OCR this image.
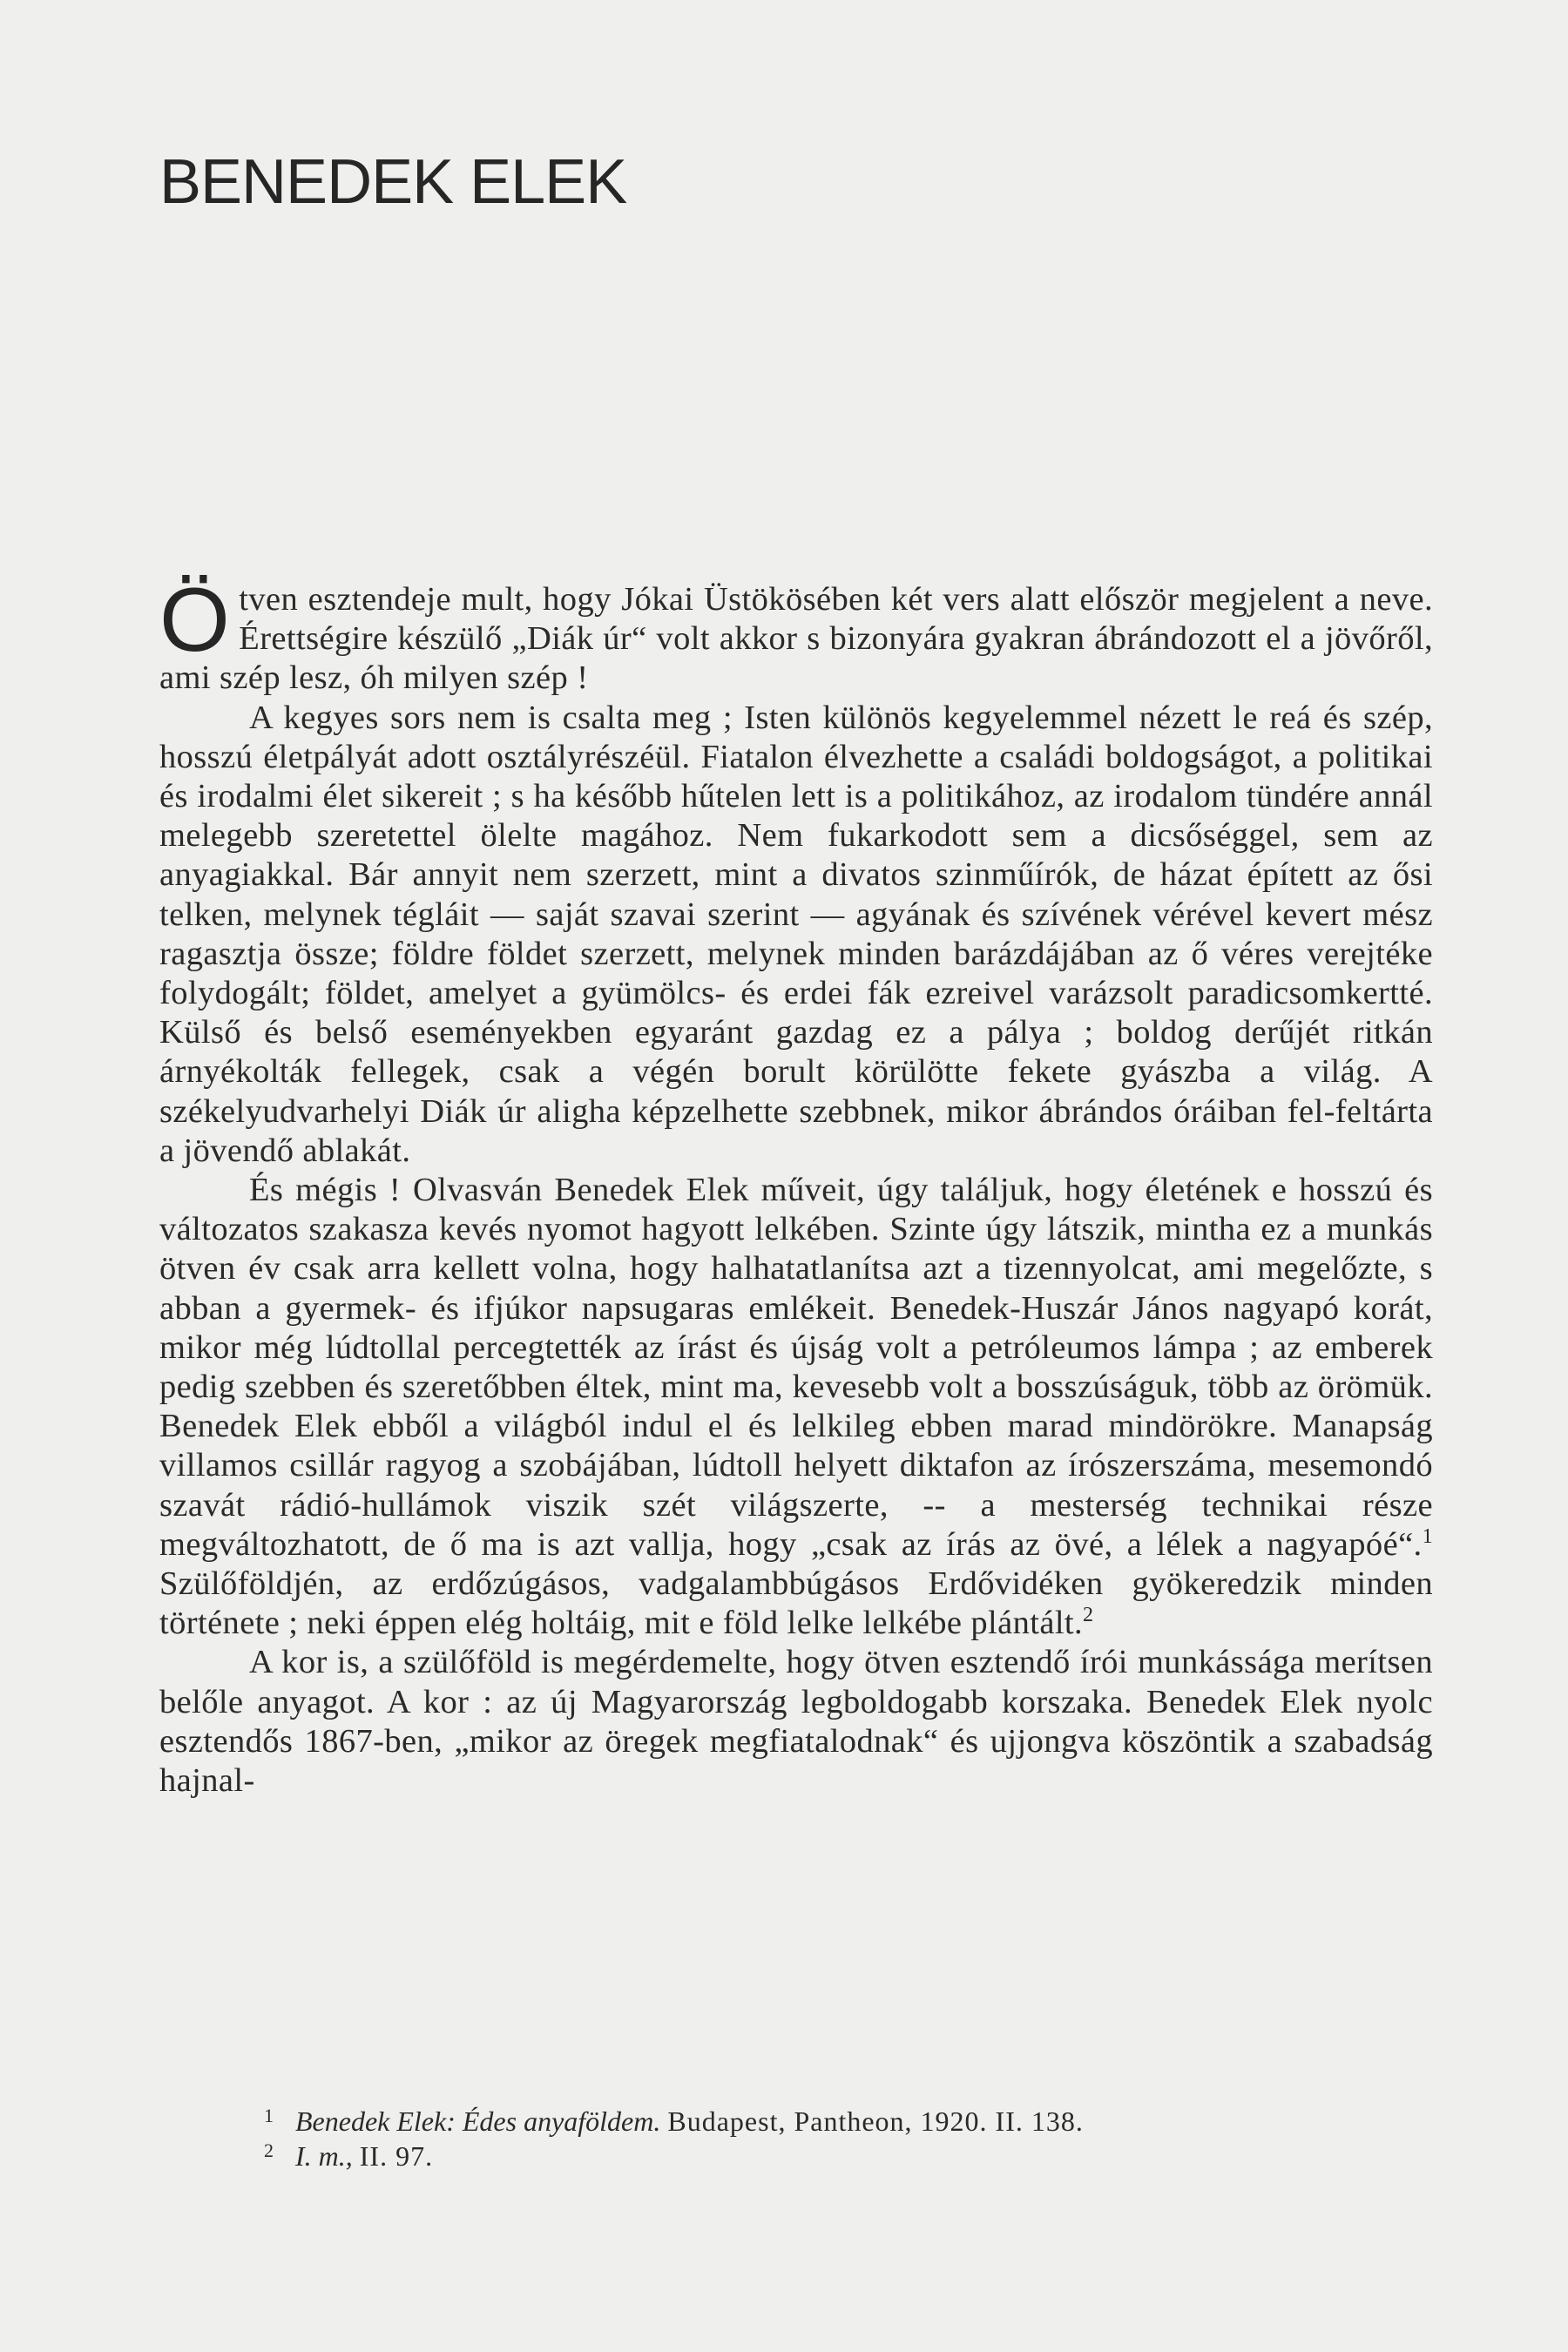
BENEDEK ELEK

Ötven esztendeje mult, hogy Jókai Üstökösében két vers alatt először megjelent a neve. Érettségire készülő „Diák úr“ volt akkor s bizonyára gyakran ábrándozott el a jövőről, ami szép lesz, óh milyen szép !

A kegyes sors nem is csalta meg ; Isten különös kegyelemmel nézett le reá és szép, hosszú életpályát adott osztályrészéül. Fiatalon élvezhette a családi boldogságot, a politikai és irodalmi élet sikereit ; s ha később hűtelen lett is a politikához, az irodalom tündére annál melegebb szeretettel ölelte magához. Nem fukarkodott sem a dicsőséggel, sem az anyagiakkal. Bár annyit nem szerzett, mint a divatos szinműírók, de házat épített az ősi telken, melynek tégláit — saját szavai szerint — agyának és szívének vérével kevert mész ragasztja össze; földre földet szerzett, melynek minden barázdájában az ő véres verejtéke folydogált; földet, amelyet a gyümölcs- és erdei fák ezreivel varázsolt paradicsomkertté. Külső és belső eseményekben egyaránt gazdag ez a pálya ; boldog derűjét ritkán árnyékolták fellegek, csak a végén borult körülötte fekete gyászba a világ. A székelyudvarhelyi Diák úr aligha képzelhette szebbnek, mikor ábrándos óráiban fel-feltárta a jövendő ablakát.

És mégis ! Olvasván Benedek Elek műveit, úgy találjuk, hogy életének e hosszú és változatos szakasza kevés nyomot hagyott lelkében. Szinte úgy látszik, mintha ez a munkás ötven év csak arra kellett volna, hogy halhatatlanítsa azt a tizennyolcat, ami megelőzte, s abban a gyermek- és ifjúkor napsugaras emlékeit. Benedek-Huszár János nagyapó korát, mikor még lúdtollal percegtették az írást és újság volt a petróleumos lámpa ; az emberek pedig szebben és szeretőbben éltek, mint ma, kevesebb volt a bosszúságuk, több az örömük. Benedek Elek ebből a világból indul el és lelkileg ebben marad mindörökre. Manapság villamos csillár ragyog a szobájában, lúdtoll helyett diktafon az írószerszáma, mesemondó szavát rádió-hullámok viszik szét világszerte, -- a mesterség technikai része megváltozhatott, de ő ma is azt vallja, hogy „csak az írás az övé, a lélek a nagyapóé“.$^1$ Szülőföldjén, az erdőzúgásos, vadgalambbúgásos Erdővidéken gyökeredzik minden története ; neki éppen elég holtáig, mit e föld lelke lelkébe plántált.$^2$

A kor is, a szülőföld is megérdemelte, hogy ötven esztendő írói munkássága merítsen belőle anyagot. A kor : az új Magyarország legboldogabb korszaka. Benedek Elek nyolc esztendős 1867-ben, „mikor az öregek megfiatalodnak“ és ujjongva köszöntik a szabadság hajnal-

1 Benedek Elek: Édes anyaföldem. Budapest, Pantheon, 1920. II. 138.

2 I. m., II. 97.
